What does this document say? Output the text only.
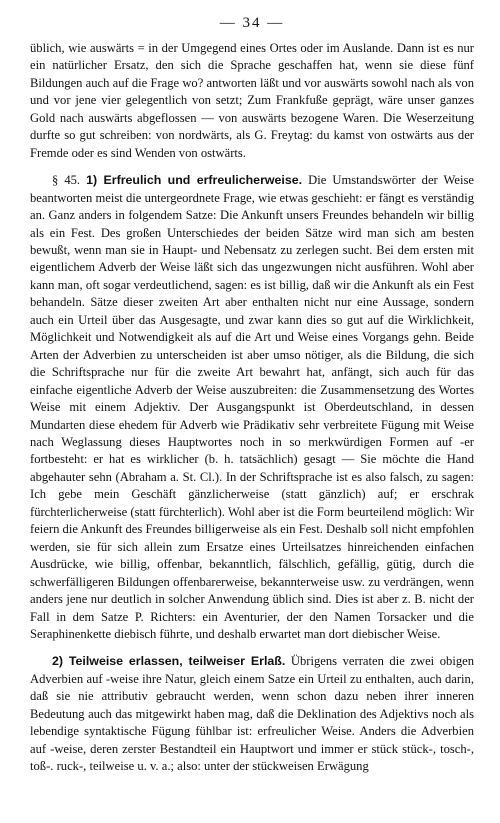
— 34 —

üblich, wie auswärts = in der Umgegend eines Ortes oder im Auslande. Dann ist es nur ein natürlicher Ersatz, den sich die Sprache geschaffen hat, wenn sie diese fünf Bildungen auch auf die Frage wo? antworten läßt und vor auswärts sowohl nach als von und vor jene vier gelegentlich von setzt; Zum Frankfuße geprägt, wäre unser ganzes Gold nach auswärts abgeflossen — von auswärts bezogene Waren. Die Weserzeitung durfte so gut schreiben: von nordwärts, als G. Freytag: du kamst von ostwärts aus der Fremde oder es sind Wenden von ostwärts.

§ 45. 1) Erfreulich und erfreulicherweise. Die Umstandswörter der Weise beantworten meist die untergeordnete Frage, wie etwas geschieht: er fängt es verständig an. Ganz anders in folgendem Satze: Die Ankunft unsers Freundes behandeln wir billig als ein Fest. Des großen Unterschiedes der beiden Sätze wird man sich am besten bewußt, wenn man sie in Haupt- und Nebensatz zu zerlegen sucht. Bei dem ersten mit eigentlichem Adverb der Weise läßt sich das ungezwungen nicht ausführen. Wohl aber kann man, oft sogar verdeutlichend, sagen: es ist billig, daß wir die Ankunft als ein Fest behandeln. Sätze dieser zweiten Art aber enthalten nicht nur eine Aussage, sondern auch ein Urteil über das Ausgesagte, und zwar kann dies so gut auf die Wirklichkeit, Möglichkeit und Notwendigkeit als auf die Art und Weise eines Vorgangs gehn. Beide Arten der Adverbien zu unterscheiden ist aber umso nötiger, als die Bildung, die sich die Schriftsprache nur für die zweite Art bewahrt hat, anfängt, sich auch für das einfache eigentliche Adverb der Weise auszubreiten: die Zusammensetzung des Wortes Weise mit einem Adjektiv. Der Ausgangspunkt ist Oberdeutschland, in dessen Mundarten diese ehedem für Adverb wie Prädikativ sehr verbreitete Fügung mit Weise nach Weglassung dieses Hauptwortes noch in so merkwürdigen Formen auf -er fortbesteht: er hat es wirklicher (b. h. tatsächlich) gesagt — Sie möchte die Hand abgehauter sehn (Abraham a. St. Cl.). In der Schriftsprache ist es also falsch, zu sagen: Ich gebe mein Geschäft gänzlicherweise (statt gänzlich) auf; er erschrak fürchterlicherweise (statt fürchterlich). Wohl aber ist die Form beurteilend möglich: Wir feiern die Ankunft des Freundes billigerweise als ein Fest. Deshalb soll nicht empfohlen werden, sie für sich allein zum Ersatze eines Urteilsatzes hinreichenden einfachen Ausdrücke, wie billig, offenbar, bekanntlich, fälschlich, gefällig, gütig, durch die schwerfälligeren Bildungen offenbarerweise, bekannterweise usw. zu verdrängen, wenn anders jene nur deutlich in solcher Anwendung üblich sind. Dies ist aber z. B. nicht der Fall in dem Satze P. Richters: ein Aventurier, der den Namen Torsacker und die Seraphinenkette diebisch führte, und deshalb erwartet man dort diebischer Weise.

2) Teilweise erlassen, teilweiser Erlaß. Übrigens verraten die zwei obigen Adverbien auf -weise ihre Natur, gleich einem Satze ein Urteil zu enthalten, auch darin, daß sie nie attributiv gebraucht werden, wenn schon dazu neben ihrer inneren Bedeutung auch das mitgewirkt haben mag, daß die Deklination des Adjektivs noch als lebendige syntaktische Fügung fühlbar ist: erfreulicher Weise. Anders die Adverbien auf -weise, deren zerster Bestandteil ein Hauptwort und immer er stück stück-, tosch-, toß-. ruck-, teilweise u. v. a.; also: unter der stückweisen Erwägung
